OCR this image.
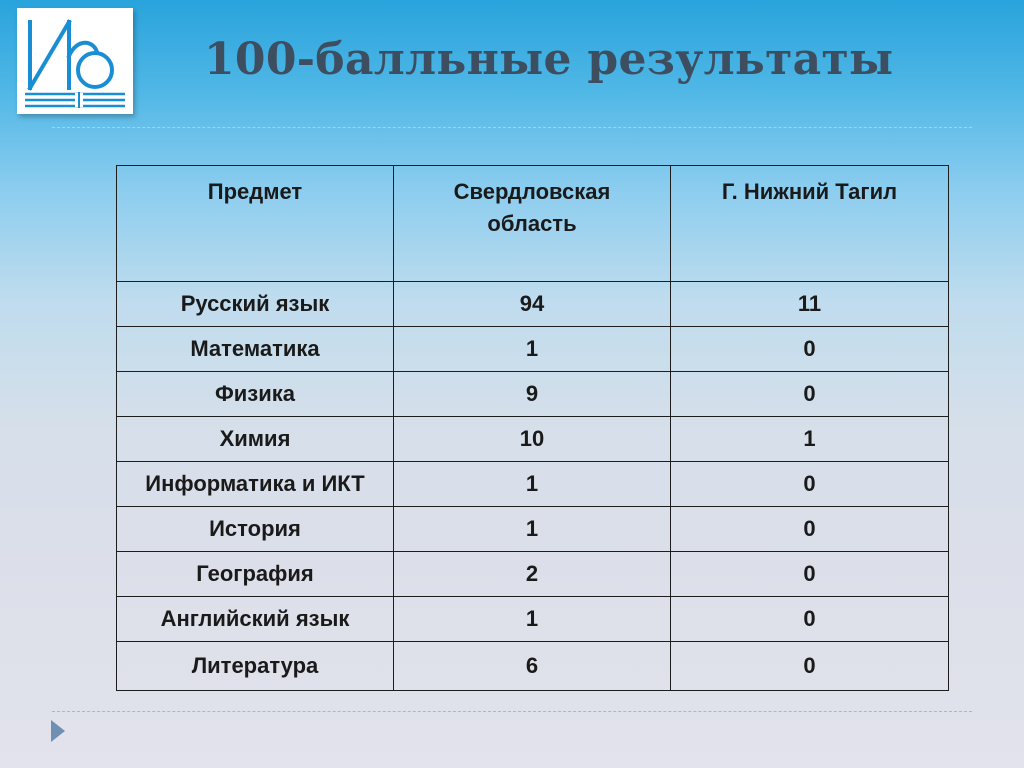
100-балльные результаты
Предмет	Свердловская область	Г. Нижний Тагил
Русский язык	94	11
Математика	1	0
Физика	9	0
Химия	10	1
Информатика и ИКТ	1	0
История	1	0
География	2	0
Английский язык	1	0
Литература	6	0
